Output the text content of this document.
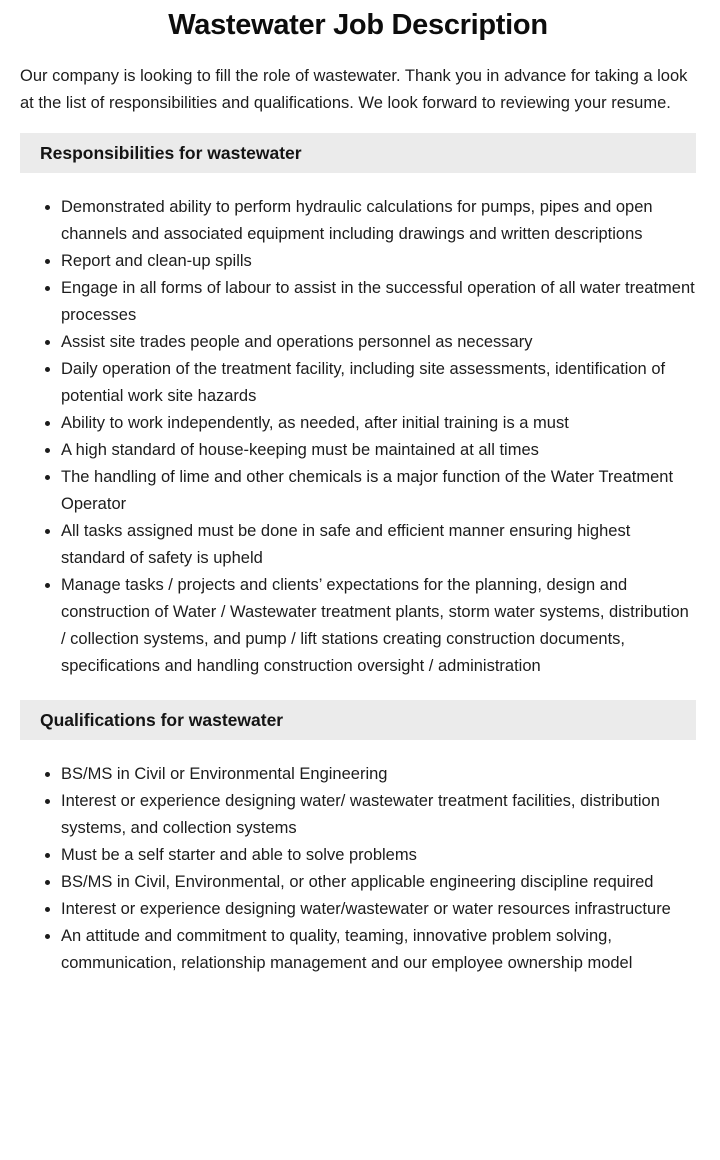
Wastewater Job Description

Our company is looking to fill the role of wastewater. Thank you in advance for taking a look at the list of responsibilities and qualifications. We look forward to reviewing your resume.

Responsibilities for wastewater
Demonstrated ability to perform hydraulic calculations for pumps, pipes and open channels and associated equipment including drawings and written descriptions
Report and clean-up spills
Engage in all forms of labour to assist in the successful operation of all water treatment processes
Assist site trades people and operations personnel as necessary
Daily operation of the treatment facility, including site assessments, identification of potential work site hazards
Ability to work independently, as needed, after initial training is a must
A high standard of house-keeping must be maintained at all times
The handling of lime and other chemicals is a major function of the Water Treatment Operator
All tasks assigned must be done in safe and efficient manner ensuring highest standard of safety is upheld
Manage tasks / projects and clients’ expectations for the planning, design and construction of Water / Wastewater treatment plants, storm water systems, distribution / collection systems, and pump / lift stations creating construction documents, specifications and handling construction oversight / administration
Qualifications for wastewater
BS/MS in Civil or Environmental Engineering
Interest or experience designing water/ wastewater treatment facilities, distribution systems, and collection systems
Must be a self starter and able to solve problems
BS/MS in Civil, Environmental, or other applicable engineering discipline required
Interest or experience designing water/wastewater or water resources infrastructure
An attitude and commitment to quality, teaming, innovative problem solving, communication, relationship management and our employee ownership model
